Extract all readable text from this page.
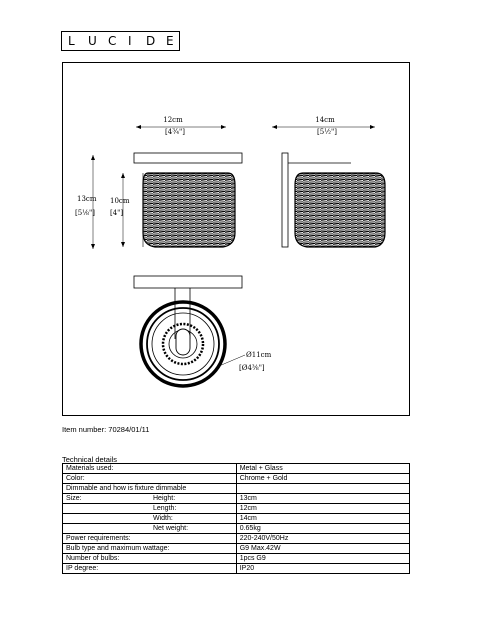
L U C I D E
12cm
[4¾"]
13cm
[5⅛"]
10cm
[4"]
14cm
[5½"]
Ø11cm
[Ø4⅜"]
Item number: 70284/01/11
Technical details
Materials used:	Metal + Glass
Color:	Chrome + Gold
Dimmable and how is fixture dimmable

Size: Height:	13cm

Length:	12cm

Width:	14cm

Net weight:	0.65kg
Power requirements:	220-240V/50Hz
Bulb type and maximum wattage:	G9 Max.42W
Number of bulbs:	1pcs G9
IP degree:	IP20
